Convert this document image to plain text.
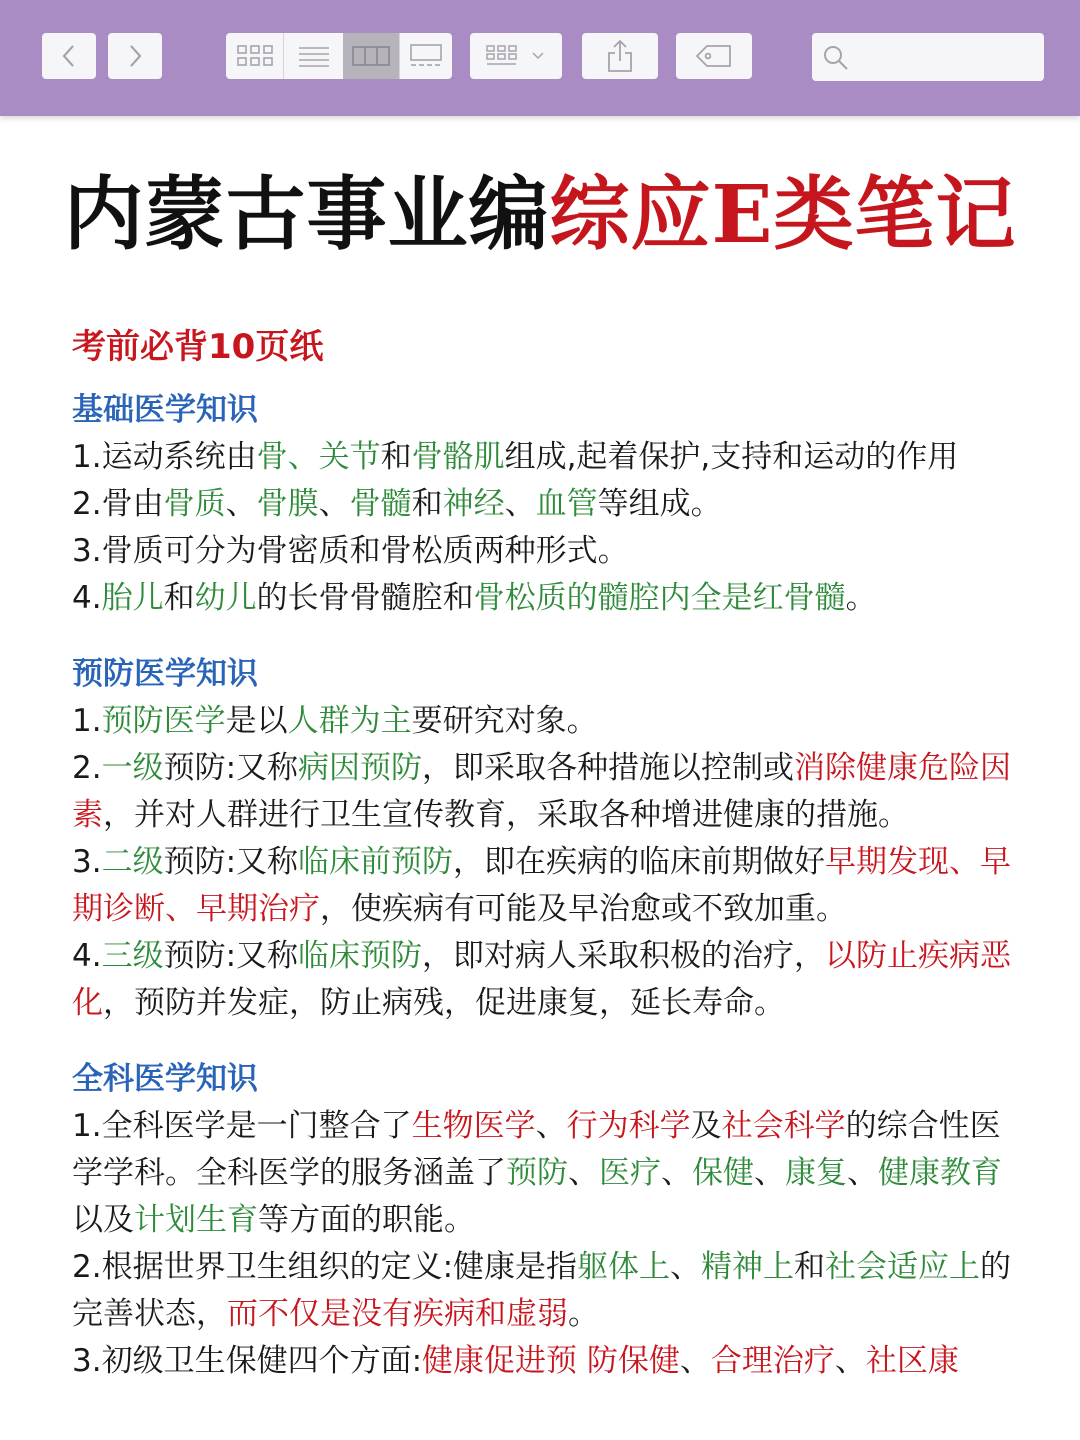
内蒙古事业编综应E类笔记

考前必背10页纸

基础医学知识

1.运动系统由骨、关节和骨骼肌组成,起着保护,支持和运动的作用

2.骨由骨质、骨膜、骨髓和神经、血管等组成。

3.骨质可分为骨密质和骨松质两种形式。

4.胎儿和幼儿的长骨骨髓腔和骨松质的髓腔内全是红骨髓。

预防医学知识

1.预防医学是以人群为主要研究对象。

2.一级预防:又称病因预防，即采取各种措施以控制或消除健康危险因素，并对人群进行卫生宣传教育，采取各种增进健康的措施。

3.二级预防:又称临床前预防，即在疾病的临床前期做好早期发现、早期诊断、早期治疗，使疾病有可能及早治愈或不致加重。

4.三级预防:又称临床预防，即对病人采取积极的治疗，以防止疾病恶化，预防并发症，防止病残，促进康复，延长寿命。

全科医学知识

1.全科医学是一门整合了生物医学、行为科学及社会科学的综合性医学学科。全科医学的服务涵盖了预防、医疗、保健、康复、健康教育以及计划生育等方面的职能。

2.根据世界卫生组织的定义:健康是指躯体上、精神上和社会适应上的完善状态，而不仅是没有疾病和虚弱。

3.初级卫生保健四个方面:健康促进预 防保健、合理治疗、社区康
